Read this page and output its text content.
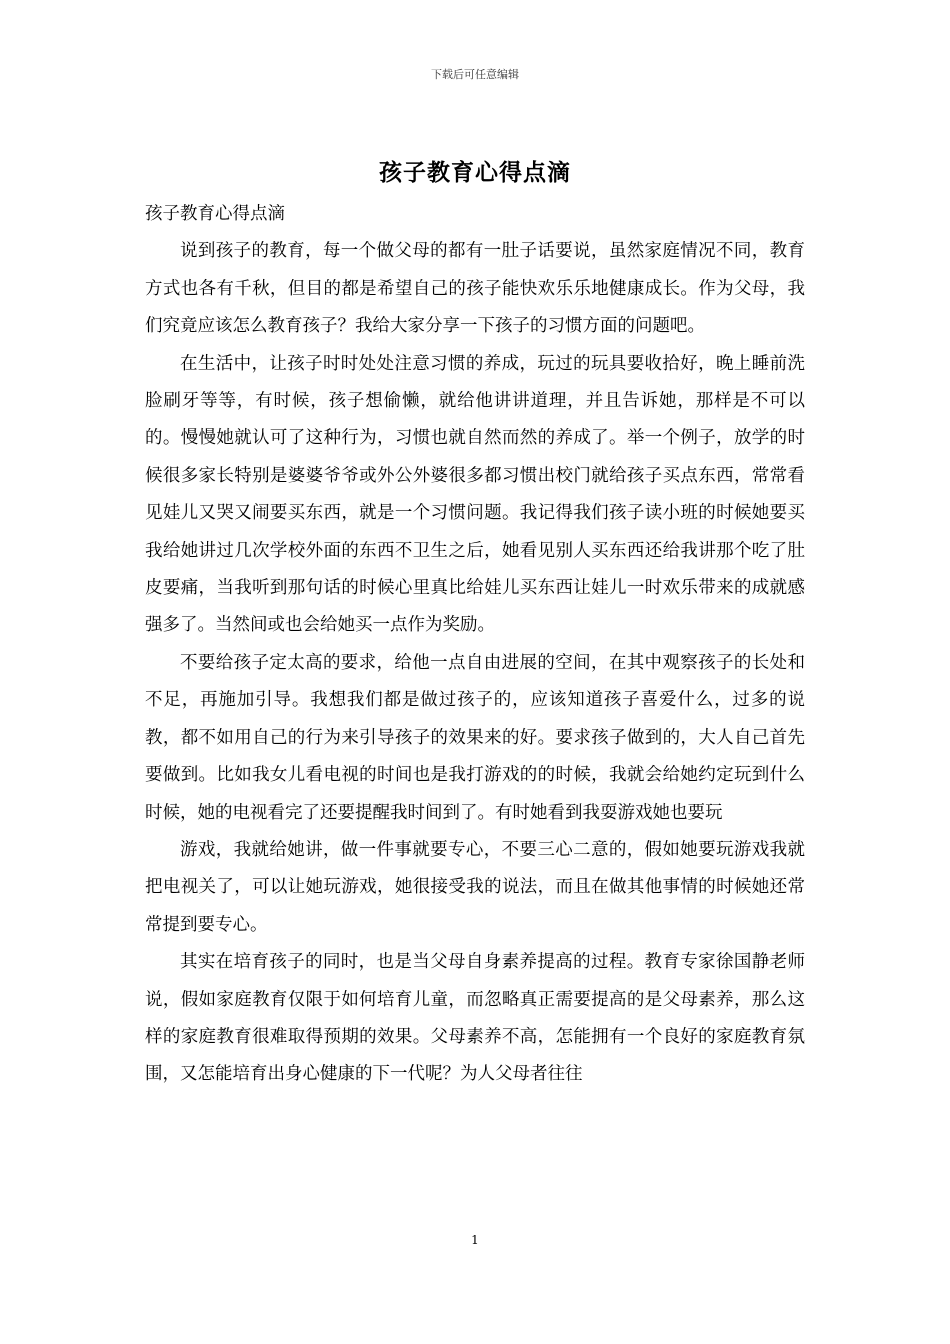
下载后可任意编辑
孩子教育心得点滴

孩子教育心得点滴

说到孩子的教育，每一个做父母的都有一肚子话要说，虽然家庭情况不同，教育方式也各有千秋，但目的都是希望自己的孩子能快欢乐乐地健康成长。作为父母，我们究竟应该怎么教育孩子？我给大家分享一下孩子的习惯方面的问题吧。

在生活中，让孩子时时处处注意习惯的养成，玩过的玩具要收拾好，晚上睡前洗脸刷牙等等，有时候，孩子想偷懒，就给他讲讲道理，并且告诉她，那样是不可以的。慢慢她就认可了这种行为，习惯也就自然而然的养成了。举一个例子，放学的时候很多家长特别是婆婆爷爷或外公外婆很多都习惯出校门就给孩子买点东西，常常看见娃儿又哭又闹要买东西，就是一个习惯问题。我记得我们孩子读小班的时候她要买我给她讲过几次学校外面的东西不卫生之后，她看见别人买东西还给我讲那个吃了肚皮要痛，当我听到那句话的时候心里真比给娃儿买东西让娃儿一时欢乐带来的成就感强多了。当然间或也会给她买一点作为奖励。

不要给孩子定太高的要求，给他一点自由进展的空间，在其中观察孩子的长处和不足，再施加引导。我想我们都是做过孩子的，应该知道孩子喜爱什么，过多的说教，都不如用自己的行为来引导孩子的效果来的好。要求孩子做到的，大人自己首先要做到。比如我女儿看电视的时间也是我打游戏的的时候，我就会给她约定玩到什么时候，她的电视看完了还要提醒我时间到了。有时她看到我耍游戏她也要玩

游戏，我就给她讲，做一件事就要专心，不要三心二意的，假如她要玩游戏我就把电视关了，可以让她玩游戏，她很接受我的说法，而且在做其他事情的时候她还常常提到要专心。

其实在培育孩子的同时，也是当父母自身素养提高的过程。教育专家徐国静老师说，假如家庭教育仅限于如何培育儿童，而忽略真正需要提高的是父母素养，那么这样的家庭教育很难取得预期的效果。父母素养不高，怎能拥有一个良好的家庭教育氛围，又怎能培育出身心健康的下一代呢？为人父母者往往

1
